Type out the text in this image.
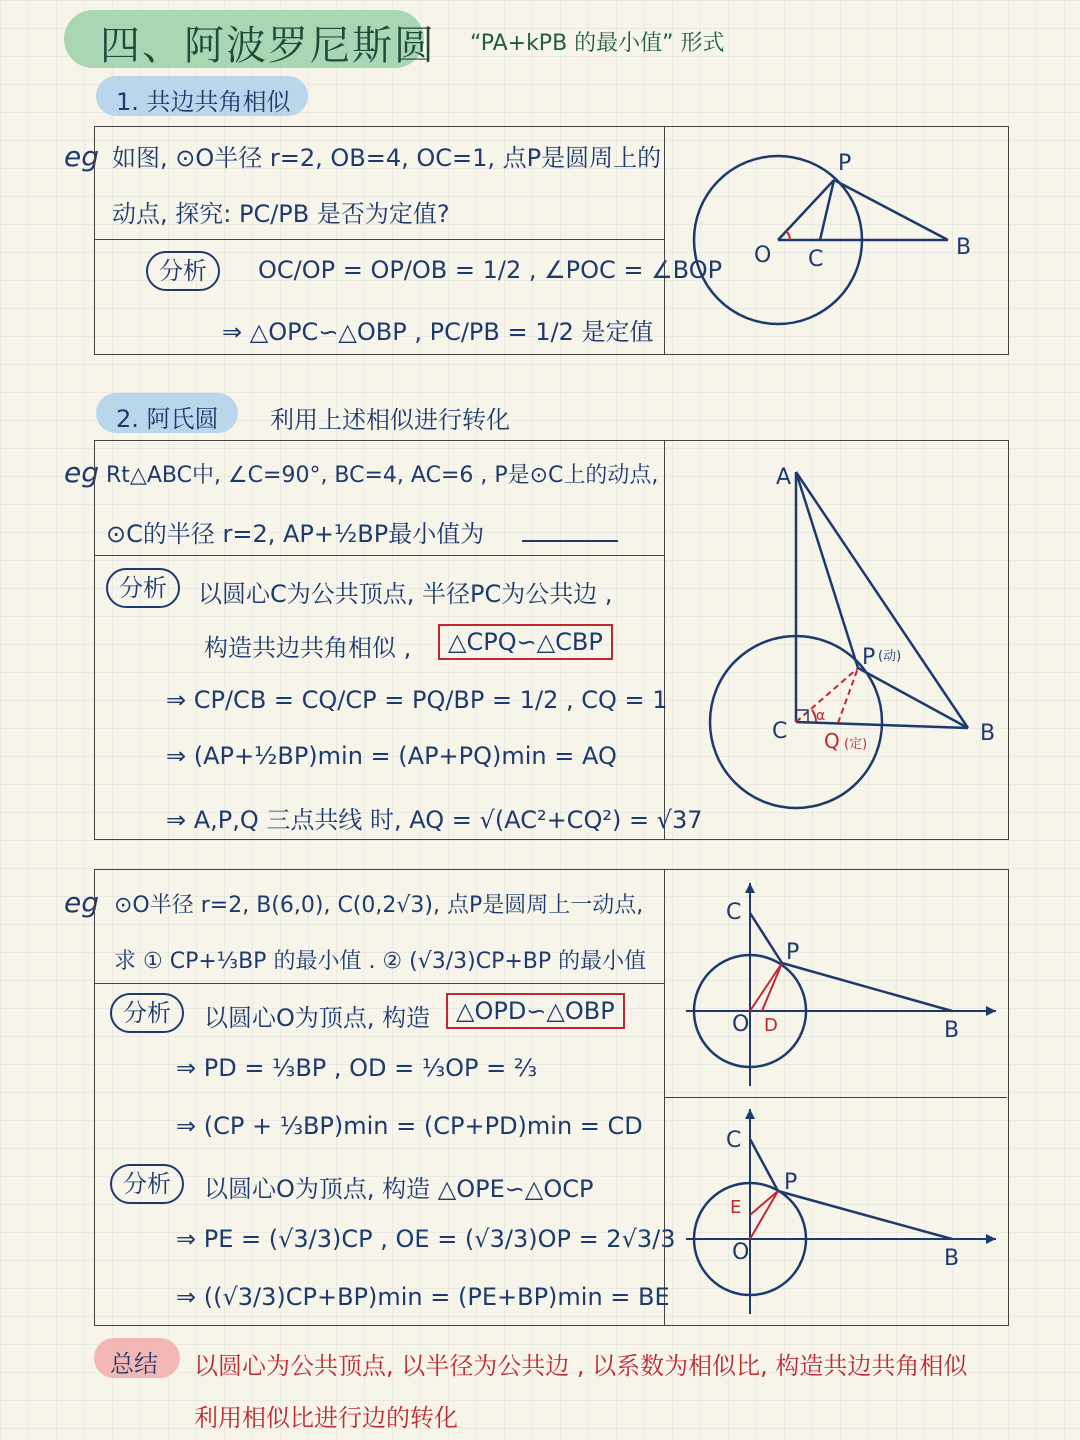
四、阿波罗尼斯圆 “PA+kPB 的最小值” 形式
1. 共边共角相似
eg 如图, ⊙O半径 r=2, OB=4, OC=1, 点P是圆周上的
动点, 探究: PC/PB 是否为定值?
分析	OC/OP = OP/OB = 1/2 , ∠POC = ∠BOP
⇒ △OPC∽△OBP , PC/PB = 1/2 是定值
P
O C	B
2. 阿氏圆 利用上述相似进行转化
eg Rt△ABC中, ∠C=90°, BC=4, AC=6 , P是⊙C上的动点,
⊙C的半径 r=2, AP+½BP最小值为
分析	以圆心C为公共顶点, 半径PC为公共边 ,
构造共边共角相似 ,	△CPQ∽△CBP
⇒ CP/CB = CQ/CP = PQ/BP = 1/2 , CQ = 1
⇒ (AP+½BP)min = (AP+PQ)min = AQ
⇒ A,P,Q 三点共线 时, AQ = √(AC²+CQ²) = √37
α
A
P (动)
C Q (定)	B
eg ⊙O半径 r=2, B(6,0), C(0,2√3), 点P是圆周上一动点,
求 ① CP+⅓BP 的最小值 . ② (√3/3)CP+BP 的最小值
分析	以圆心O为顶点, 构造	△OPD∽△OBP
⇒ PD = ⅓BP , OD = ⅓OP = ⅔
⇒ (CP + ⅓BP)min = (CP+PD)min = CD
分析	以圆心O为顶点, 构造 △OPE∽△OCP
⇒ PE = (√3/3)CP , OE = (√3/3)OP = 2√3/3
⇒ ((√3/3)CP+BP)min = (PE+BP)min = BE
C
P
O D	B
C
P
O
E
B
总结 以圆心为公共顶点, 以半径为公共边 , 以系数为相似比, 构造共边共角相似
利用相似比进行边的转化
